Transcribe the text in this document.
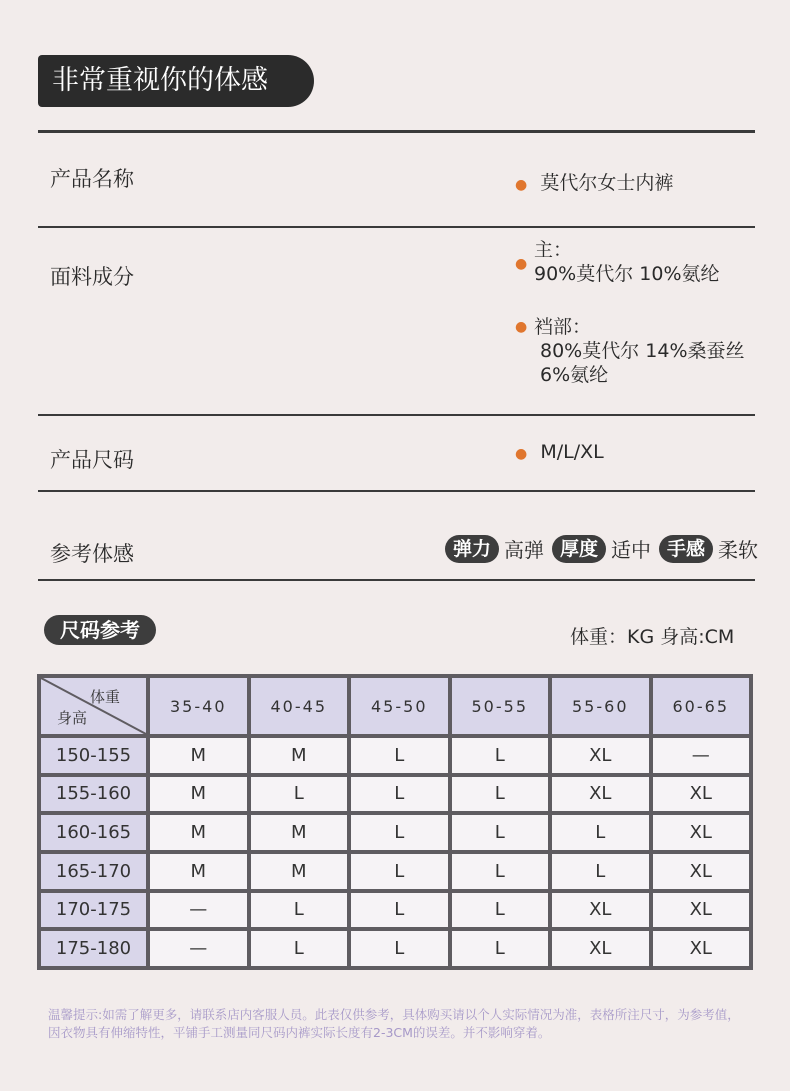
非常重视你的体感
产品名称	● 莫代尔女士内裤
面料成分
●
主：
90%莫代尔 10%氨纶
● 裆部：
80%莫代尔 14%桑蚕丝
6%氨纶
产品尺码	● M/L/XL
参考体感	弹力 高弹 厚度 适中 手感 柔软
尺码参考	体重：KG 身高:CM
体重
身高	35-40	40-45	45-50	50-55	55-60	60-65
150-155	M	M	L	L	XL	—
155-160	M	L	L	L	XL	XL
160-165	M	M	L	L	L	XL
165-170	M	M	L	L	L	XL
170-175	—	L	L	L	XL	XL
175-180	—	L	L	L	XL	XL
温馨提示:如需了解更多，请联系店内客服人员。此表仅供参考，具体购买请以个人实际情况为准，表格所注尺寸，为参考值，因衣物具有伸缩特性，平铺手工测量同尺码内裤实际长度有2-3CM的误差。并不影响穿着。
